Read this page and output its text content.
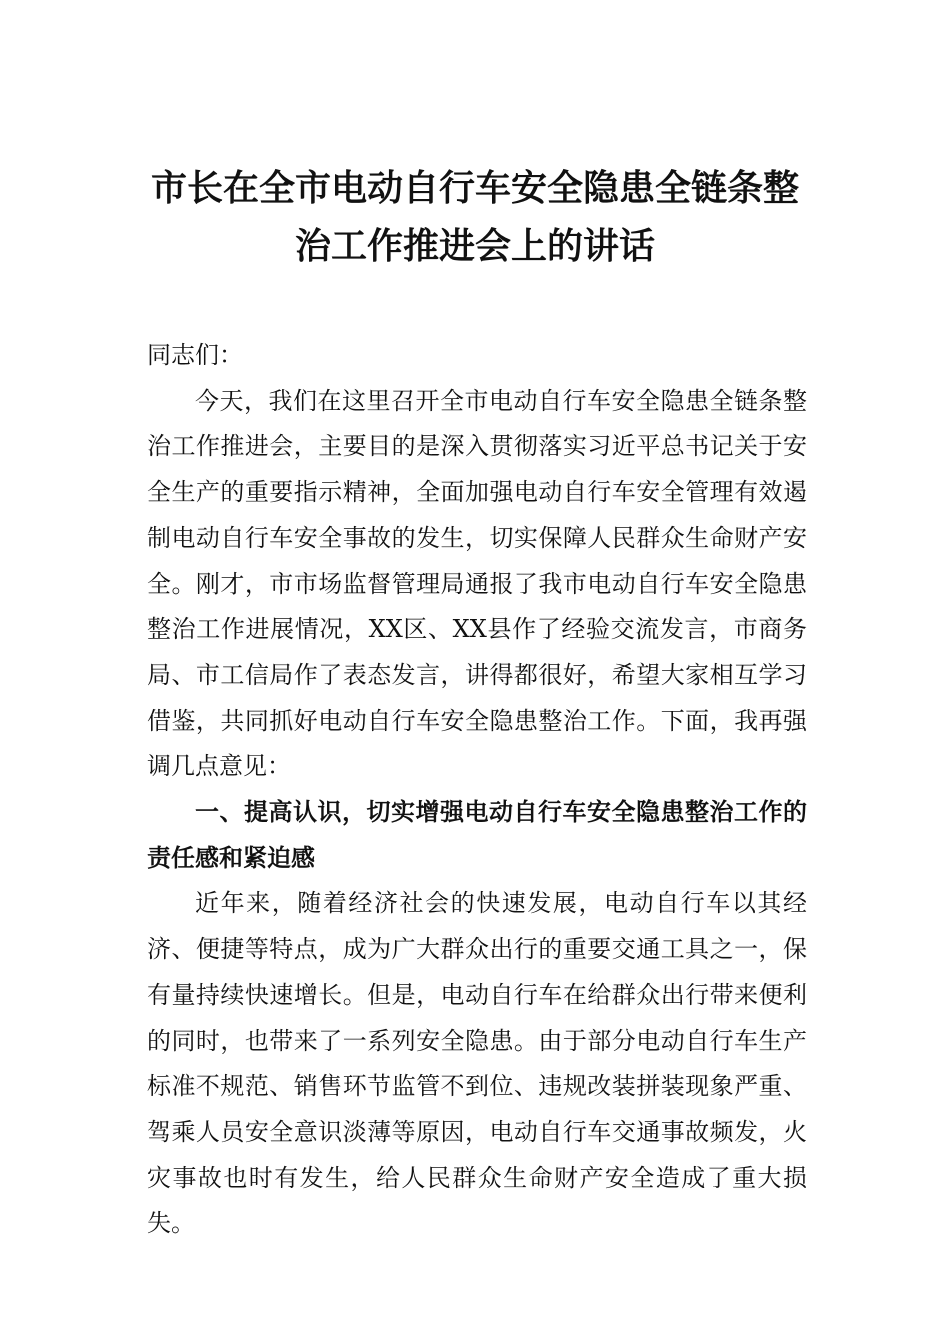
市长在全市电动自行车安全隐患全链条整
治工作推进会上的讲话

同志们：

今天，我们在这里召开全市电动自行车安全隐患全链条整治工作推进会，主要目的是深入贯彻落实习近平总书记关于安全生产的重要指示精神，全面加强电动自行车安全管理有效遏制电动自行车安全事故的发生，切实保障人民群众生命财产安全。刚才，市市场监督管理局通报了我市电动自行车安全隐患整治工作进展情况，XX区、XX县作了经验交流发言，市商务局、市工信局作了表态发言，讲得都很好，希望大家相互学习借鉴，共同抓好电动自行车安全隐患整治工作。下面，我再强调几点意见：

一、提高认识，切实增强电动自行车安全隐患整治工作的责任感和紧迫感

近年来，随着经济社会的快速发展，电动自行车以其经济、便捷等特点，成为广大群众出行的重要交通工具之一，保有量持续快速增长。但是，电动自行车在给群众出行带来便利的同时，也带来了一系列安全隐患。由于部分电动自行车生产标准不规范、销售环节监管不到位、违规改装拼装现象严重、驾乘人员安全意识淡薄等原因，电动自行车交通事故频发，火灾事故也时有发生，给人民群众生命财产安全造成了重大损失。
